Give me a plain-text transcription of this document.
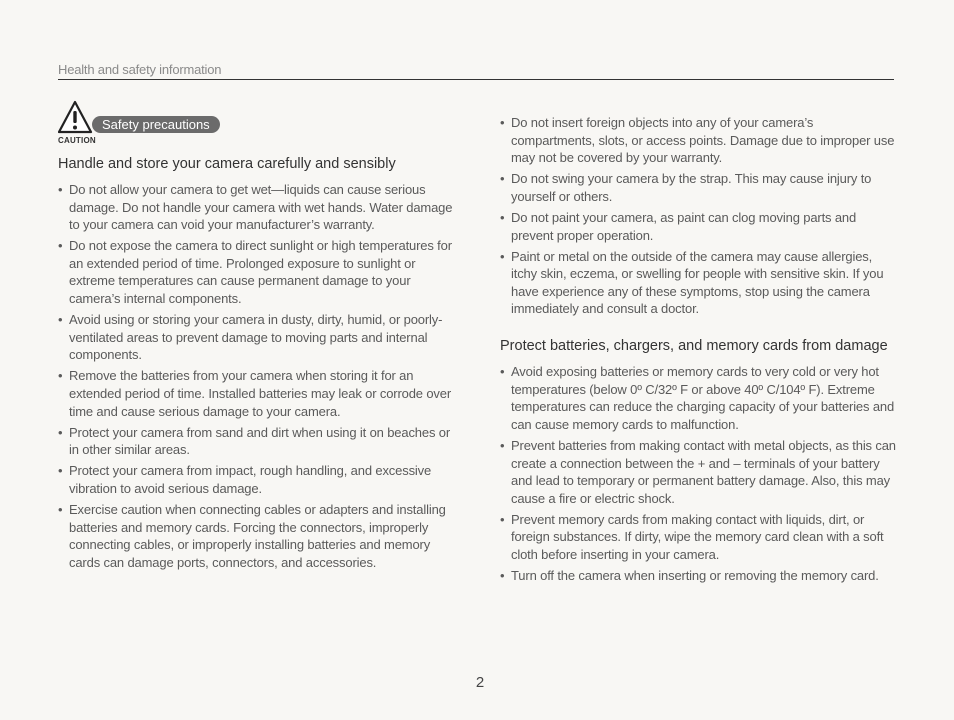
Health and safety information
Safety precautions
CAUTION
Handle and store your camera carefully and sensibly
• Do not allow your camera to get wet—liquids can cause serious damage. Do not handle your camera with wet hands. Water damage to your camera can void your manufacturer’s warranty.
• Do not expose the camera to direct sunlight or high temperatures for an extended period of time. Prolonged exposure to sunlight or extreme temperatures can cause permanent damage to your camera’s internal components.
• Avoid using or storing your camera in dusty, dirty, humid, or poorly-ventilated areas to prevent damage to moving parts and internal components.
• Remove the batteries from your camera when storing it for an extended period of time. Installed batteries may leak or corrode over time and cause serious damage to your camera.
• Protect your camera from sand and dirt when using it on beaches or in other similar areas.
• Protect your camera from impact, rough handling, and excessive vibration to avoid serious damage.
• Exercise caution when connecting cables or adapters and installing batteries and memory cards. Forcing the connectors, improperly connecting cables, or improperly installing batteries and memory cards can damage ports, connectors, and accessories.
• Do not insert foreign objects into any of your camera’s compartments, slots, or access points. Damage due to improper use may not be covered by your warranty.
• Do not swing your camera by the strap. This may cause injury to yourself or others.
• Do not paint your camera, as paint can clog moving parts and prevent proper operation.
• Paint or metal on the outside of the camera may cause allergies, itchy skin, eczema, or swelling for people with sensitive skin. If you have experience any of these symptoms, stop using the camera immediately and consult a doctor.
Protect batteries, chargers, and memory cards from damage
• Avoid exposing batteries or memory cards to very cold or very hot temperatures (below 0º C/32º F or above 40º C/104º F). Extreme temperatures can reduce the charging capacity of your batteries and can cause memory cards to malfunction.
• Prevent batteries from making contact with metal objects, as this can create a connection between the + and – terminals of your battery and lead to temporary or permanent battery damage. Also, this may cause a fire or electric shock.
• Prevent memory cards from making contact with liquids, dirt, or foreign substances. If dirty, wipe the memory card clean with a soft cloth before inserting in your camera.
• Turn off the camera when inserting or removing the memory card.
2
